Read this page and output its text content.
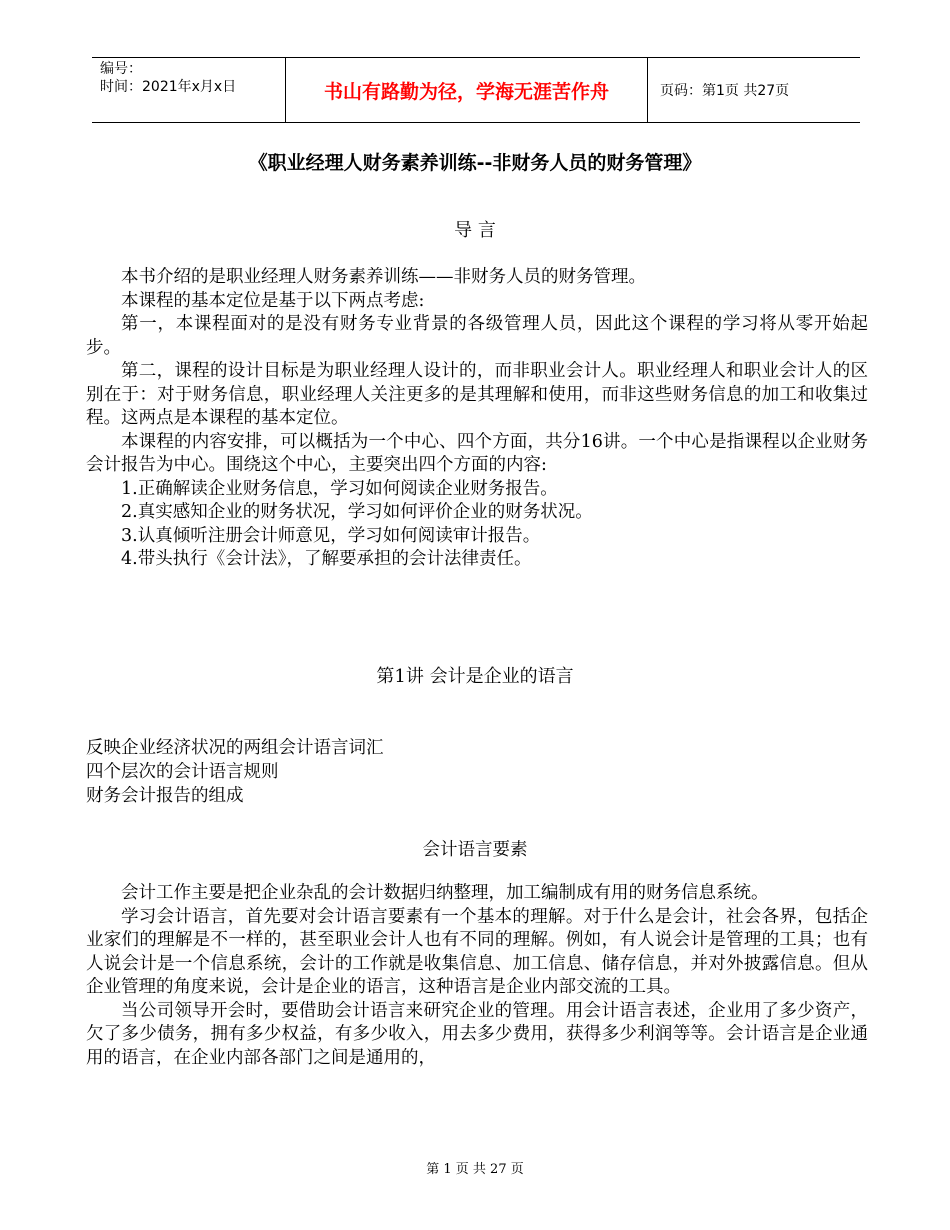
编号：
时间：2021年x月x日	书山有路勤为径，学海无涯苦作舟	页码：第1页 共27页
《职业经理人财务素养训练--非财务人员的财务管理》
导 言

本书介绍的是职业经理人财务素养训练——非财务人员的财务管理。

本课程的基本定位是基于以下两点考虑:

第一，本课程面对的是没有财务专业背景的各级管理人员，因此这个课程的学习将从零开始起步。

第二，课程的设计目标是为职业经理人设计的，而非职业会计人。职业经理人和职业会计人的区别在于：对于财务信息，职业经理人关注更多的是其理解和使用，而非这些财务信息的加工和收集过程。这两点是本课程的基本定位。

本课程的内容安排，可以概括为一个中心、四个方面，共分16讲。一个中心是指课程以企业财务会计报告为中心。围绕这个中心，主要突出四个方面的内容:

1.正确解读企业财务信息，学习如何阅读企业财务报告。

2.真实感知企业的财务状况，学习如何评价企业的财务状况。

3.认真倾听注册会计师意见，学习如何阅读审计报告。

4.带头执行《会计法》，了解要承担的会计法律责任。

第1讲 会计是企业的语言
反映企业经济状况的两组会计语言词汇
四个层次的会计语言规则
财务会计报告的组成
会计语言要素

会计工作主要是把企业杂乱的会计数据归纳整理，加工编制成有用的财务信息系统。

学习会计语言，首先要对会计语言要素有一个基本的理解。对于什么是会计，社会各界，包括企业家们的理解是不一样的，甚至职业会计人也有不同的理解。例如，有人说会计是管理的工具；也有人说会计是一个信息系统，会计的工作就是收集信息、加工信息、储存信息，并对外披露信息。但从企业管理的角度来说，会计是企业的语言，这种语言是企业内部交流的工具。

当公司领导开会时，要借助会计语言来研究企业的管理。用会计语言表述，企业用了多少资产，欠了多少债务，拥有多少权益，有多少收入，用去多少费用，获得多少利润等等。会计语言是企业通用的语言，在企业内部各部门之间是通用的，

第 1 页 共 27 页
